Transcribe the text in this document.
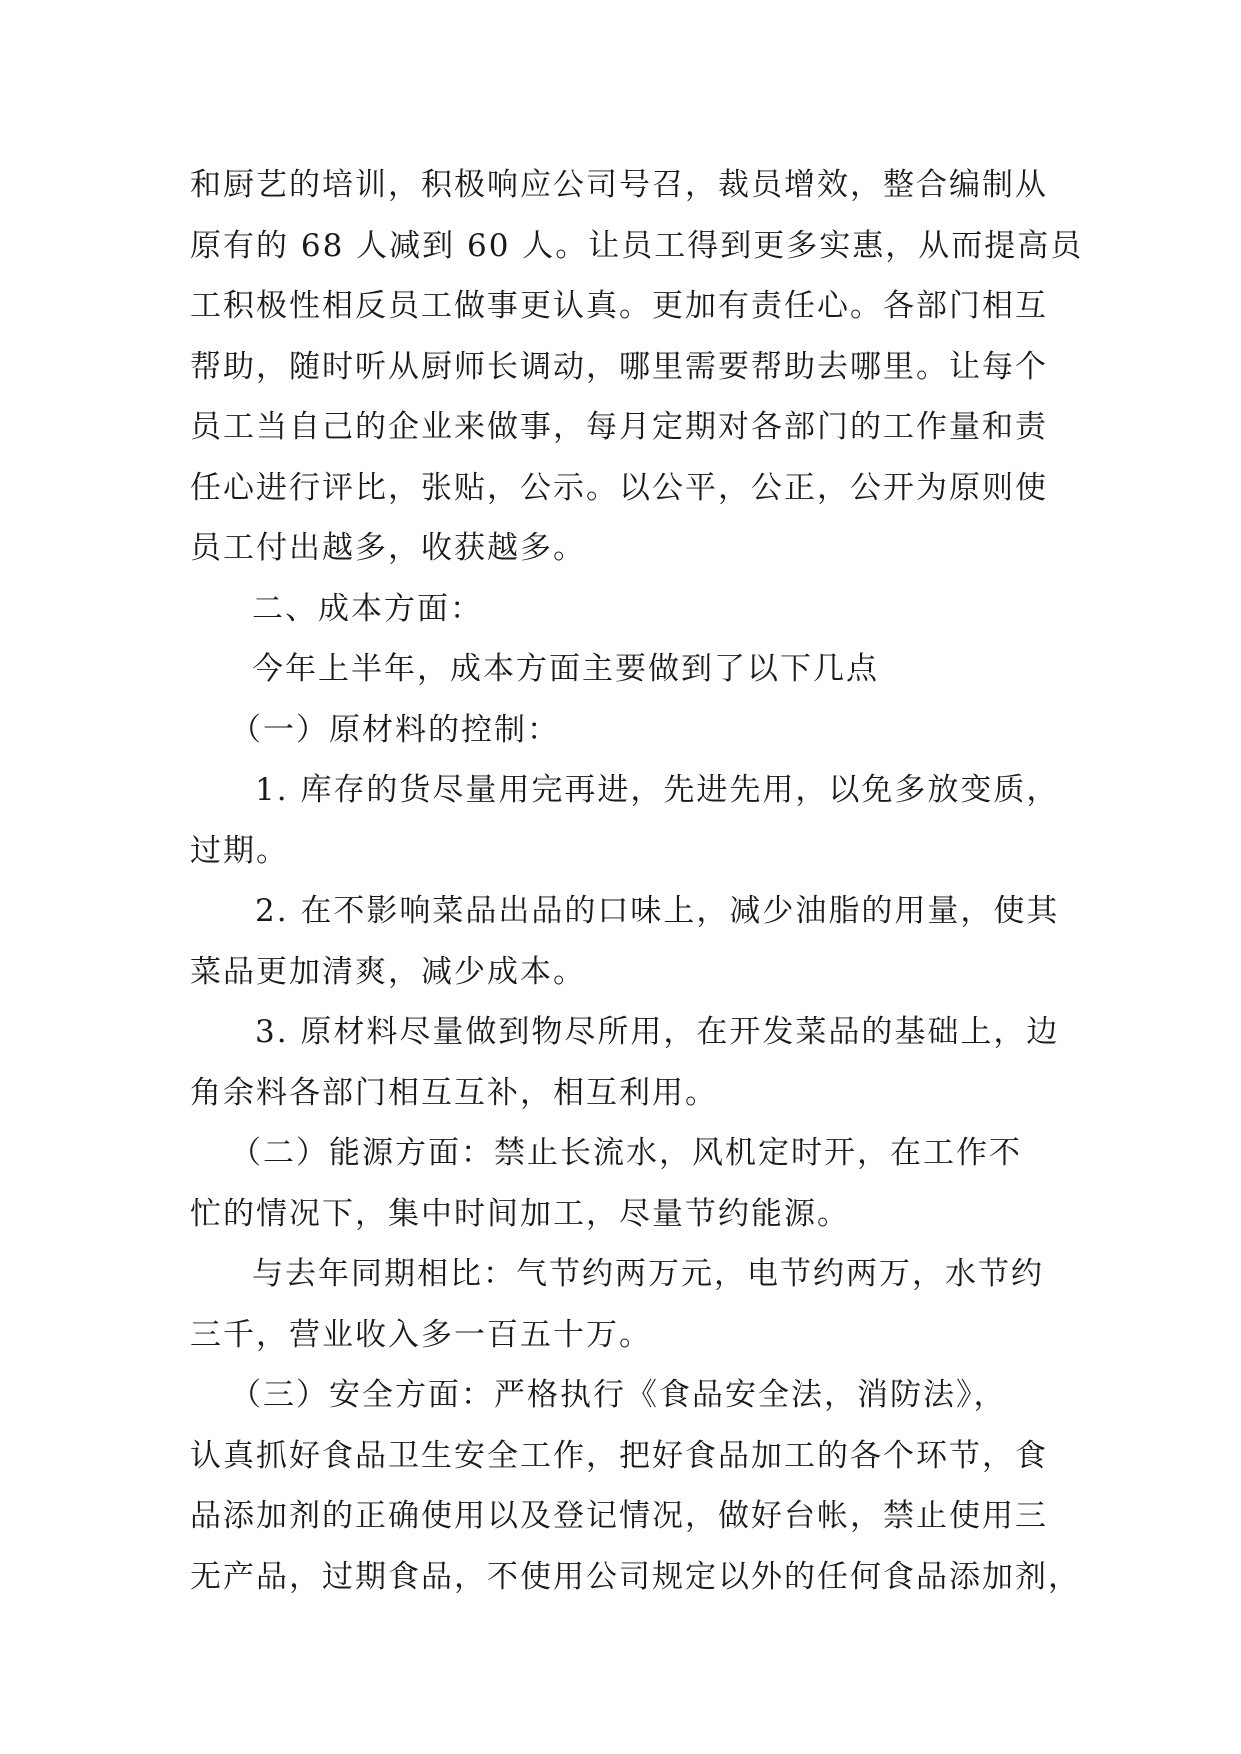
和厨艺的培训，积极响应公司号召，裁员增效，整合编制从
原有的 68 人减到 60 人。让员工得到更多实惠，从而提高员
工积极性相反员工做事更认真。更加有责任心。各部门相互
帮助，随时听从厨师长调动，哪里需要帮助去哪里。让每个
员工当自己的企业来做事，每月定期对各部门的工作量和责
任心进行评比，张贴，公示。以公平，公正，公开为原则使
员工付出越多，收获越多。
二、成本方面：
今年上半年，成本方面主要做到了以下几点
（一）原材料的控制：
1. 库存的货尽量用完再进，先进先用，以免多放变质，
过期。
2. 在不影响菜品出品的口味上，减少油脂的用量，使其
菜品更加清爽，减少成本。
3. 原材料尽量做到物尽所用，在开发菜品的基础上，边
角余料各部门相互互补，相互利用。
（二）能源方面：禁止长流水，风机定时开，在工作不
忙的情况下，集中时间加工，尽量节约能源。
与去年同期相比：气节约两万元，电节约两万，水节约
三千，营业收入多一百五十万。
（三）安全方面：严格执行《食品安全法，消防法》，
认真抓好食品卫生安全工作，把好食品加工的各个环节，食
品添加剂的正确使用以及登记情况，做好台帐，禁止使用三
无产品，过期食品，不使用公司规定以外的任何食品添加剂，
